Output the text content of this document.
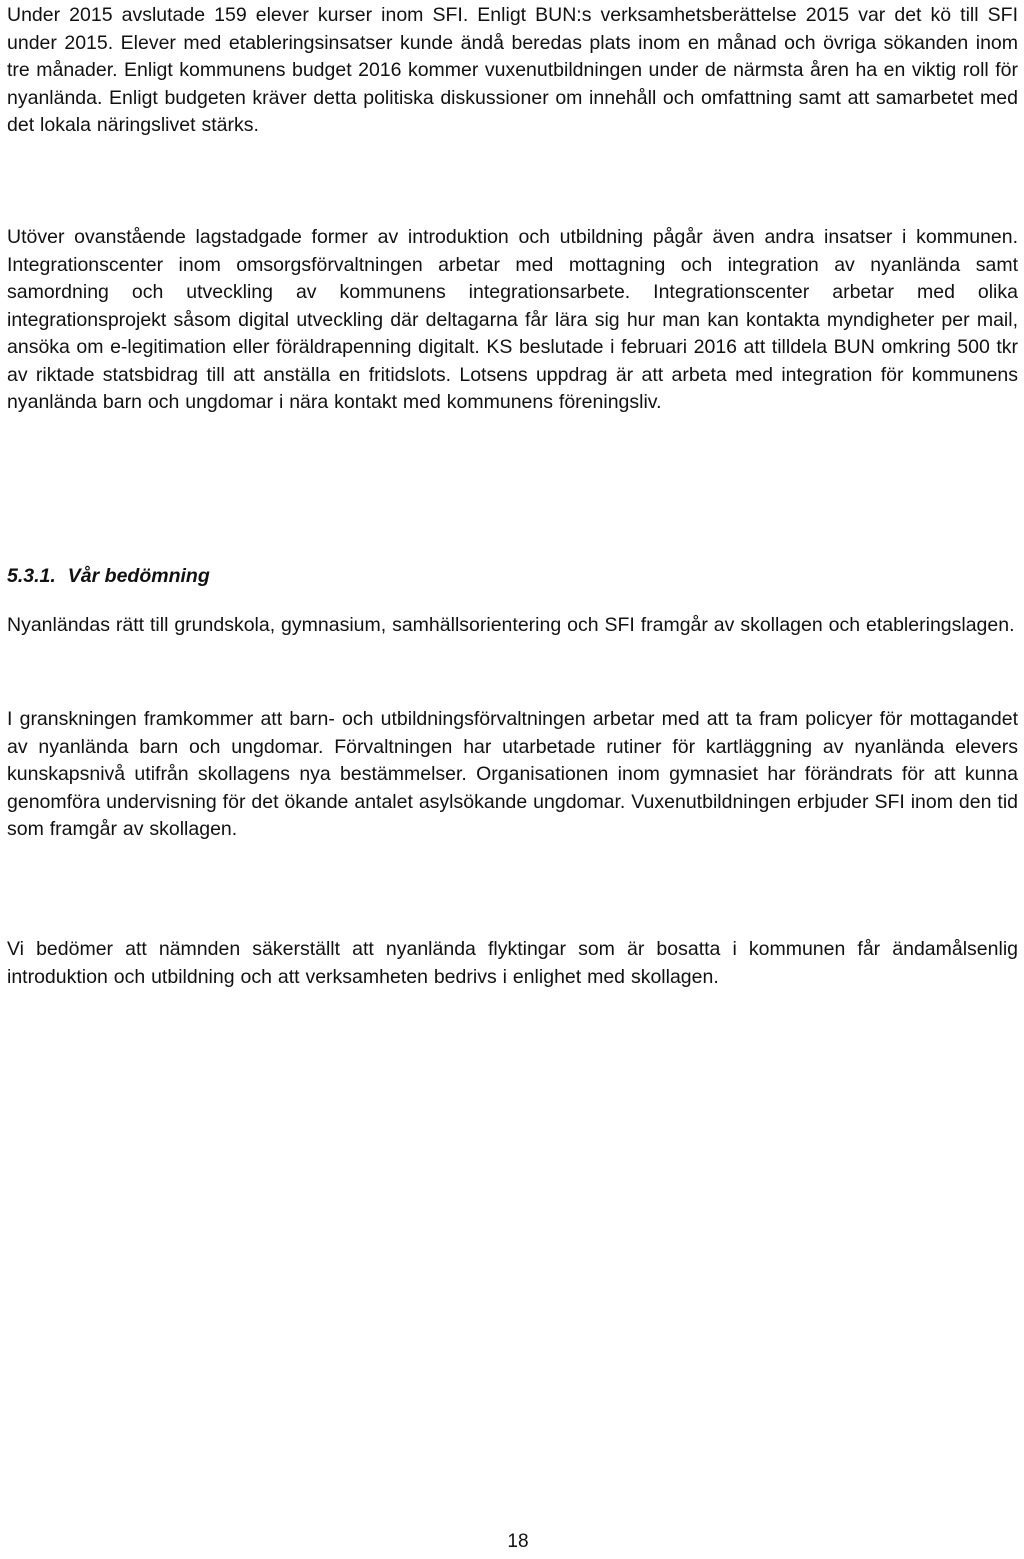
Under 2015 avslutade 159 elever kurser inom SFI. Enligt BUN:s verksamhetsberättelse 2015 var det kö till SFI under 2015. Elever med etableringsinsatser kunde ändå beredas plats inom en månad och övriga sökanden inom tre månader. Enligt kommunens budget 2016 kommer vuxenutbildningen under de närmsta åren ha en viktig roll för nyanlända. Enligt budgeten kräver detta politiska diskussioner om innehåll och omfattning samt att samarbetet med det lokala näringslivet stärks.

Utöver ovanstående lagstadgade former av introduktion och utbildning pågår även andra insatser i kommunen. Integrationscenter inom omsorgsförvaltningen arbetar med mottagning och integration av nyanlända samt samordning och utveckling av kommunens integrationsarbete. Integrationscenter arbetar med olika integrationsprojekt såsom digital utveckling där deltagarna får lära sig hur man kan kontakta myndigheter per mail, ansöka om e-legitimation eller föräldrapenning digitalt. KS beslutade i februari 2016 att tilldela BUN omkring 500 tkr av riktade statsbidrag till att anställa en fritidslots. Lotsens uppdrag är att arbeta med integration för kommunens nyanlända barn och ungdomar i nära kontakt med kommunens föreningsliv.

5.3.1. Vår bedömning

Nyanländas rätt till grundskola, gymnasium, samhällsorientering och SFI framgår av skollagen och etableringslagen.

I granskningen framkommer att barn- och utbildningsförvaltningen arbetar med att ta fram policyer för mottagandet av nyanlända barn och ungdomar. Förvaltningen har utarbetade rutiner för kartläggning av nyanlända elevers kunskapsnivå utifrån skollagens nya bestämmelser. Organisationen inom gymnasiet har förändrats för att kunna genomföra undervisning för det ökande antalet asylsökande ungdomar. Vuxenutbildningen erbjuder SFI inom den tid som framgår av skollagen.

Vi bedömer att nämnden säkerställt att nyanlända flyktingar som är bosatta i kommunen får ändamålsenlig introduktion och utbildning och att verksamheten bedrivs i enlighet med skollagen.

18
